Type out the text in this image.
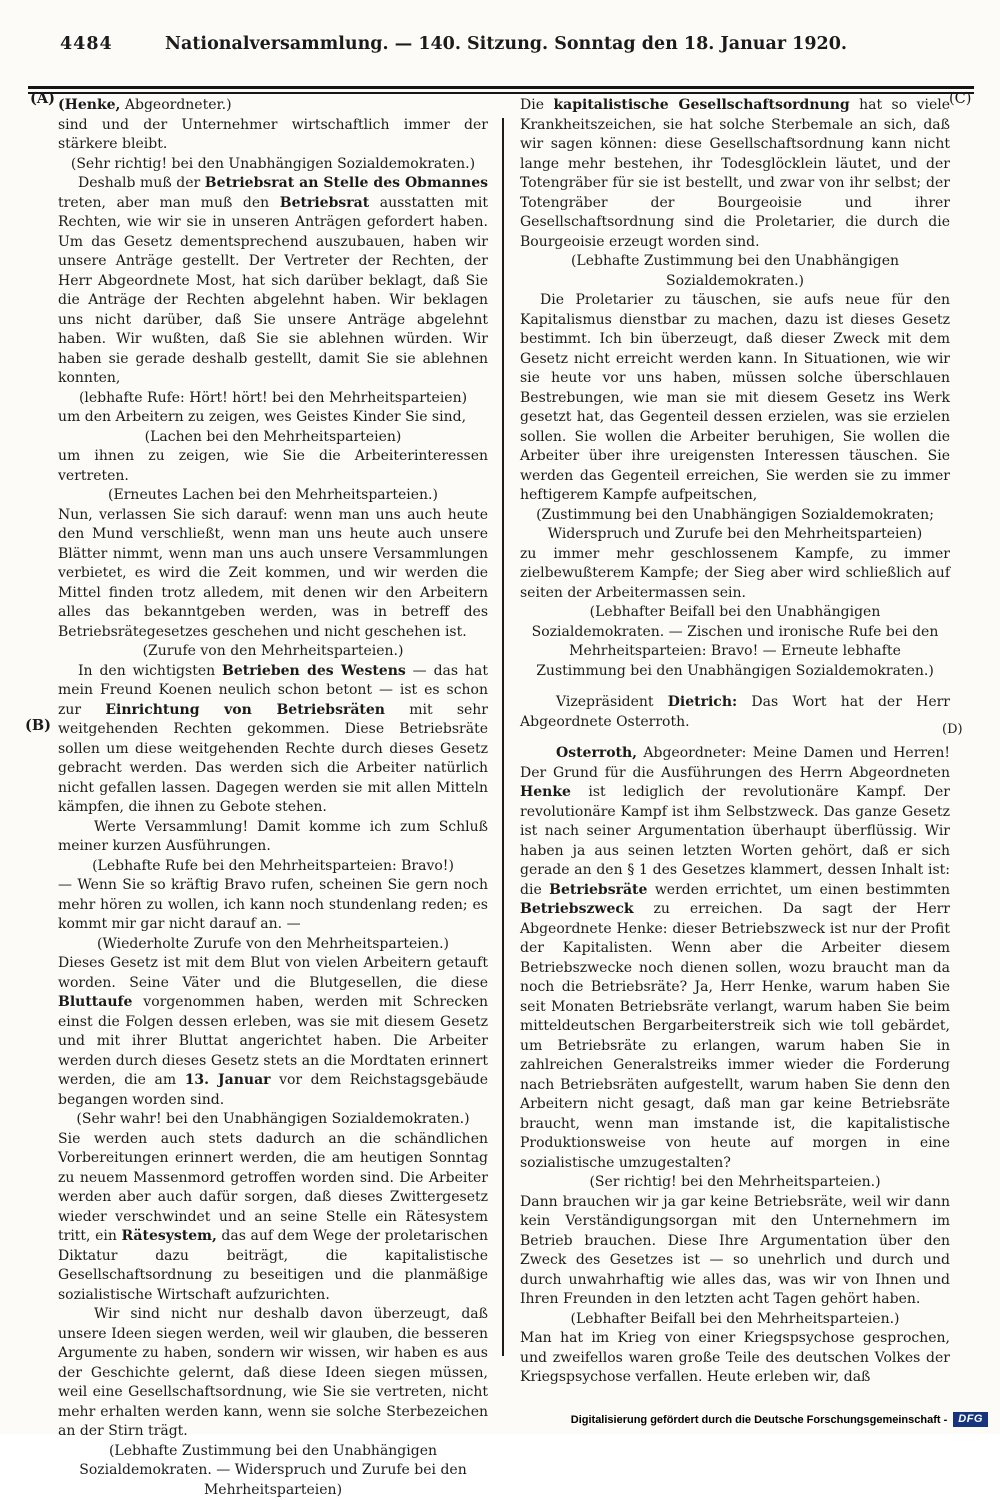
4484	Nationalversammlung. — 140. Sitzung. Sonntag den 18. Januar 1920.
(Henke, Abgeordneter.)
sind und der Unternehmer wirtschaftlich immer der stärkere bleibt.
(Sehr richtig! bei den Unabhängigen Sozialdemokraten.)
Deshalb muß der Betriebsrat an Stelle des Obmannes treten, aber man muß den Betriebsrat ausstatten mit Rechten, wie wir sie in unseren Anträgen gefordert haben. Um das Gesetz dementsprechend auszubauen, haben wir unsere Anträge gestellt. Der Vertreter der Rechten, der Herr Abgeordnete Most, hat sich darüber beklagt, daß Sie die Anträge der Rechten abgelehnt haben. Wir beklagen uns nicht darüber, daß Sie unsere Anträge abgelehnt haben. Wir wußten, daß Sie sie ablehnen würden. Wir haben sie gerade deshalb gestellt, damit Sie sie ablehnen konnten,
(lebhafte Rufe: Hört! hört! bei den Mehrheitsparteien)
um den Arbeitern zu zeigen, wes Geistes Kinder Sie sind,
(Lachen bei den Mehrheitsparteien)
um ihnen zu zeigen, wie Sie die Arbeiterinteressen vertreten.
(Erneutes Lachen bei den Mehrheitsparteien.)
Nun, verlassen Sie sich darauf: wenn man uns auch heute den Mund verschließt, wenn man uns heute auch unsere Blätter nimmt, wenn man uns auch unsere Versammlungen verbietet, es wird die Zeit kommen, und wir werden die Mittel finden trotz alledem, mit denen wir den Arbeitern alles das bekanntgeben werden, was in betreff des Betriebsrätegesetzes geschehen und nicht geschehen ist.
(Zurufe von den Mehrheitsparteien.)
In den wichtigsten Betrieben des Westens — das hat mein Freund Koenen neulich schon betont — ist es schon zur Einrichtung von Betriebsräten mit sehr weitgehenden Rechten gekommen. Diese Betriebsräte sollen um diese weitgehenden Rechte durch dieses Gesetz gebracht werden. Das werden sich die Arbeiter natürlich nicht gefallen lassen. Dagegen werden sie mit allen Mitteln kämpfen, die ihnen zu Gebote stehen.
Werte Versammlung! Damit komme ich zum Schluß meiner kurzen Ausführungen.
(Lebhafte Rufe bei den Mehrheitsparteien: Bravo!)
— Wenn Sie so kräftig Bravo rufen, scheinen Sie gern noch mehr hören zu wollen, ich kann noch stundenlang reden; es kommt mir gar nicht darauf an. —
(Wiederholte Zurufe von den Mehrheitsparteien.)
Dieses Gesetz ist mit dem Blut von vielen Arbeitern getauft worden. Seine Väter und die Blutgesellen, die diese Bluttaufe vorgenommen haben, werden mit Schrecken einst die Folgen dessen erleben, was sie mit diesem Gesetz und mit ihrer Bluttat angerichtet haben. Die Arbeiter werden durch dieses Gesetz stets an die Mordtaten erinnert werden, die am 13. Januar vor dem Reichstagsgebäude begangen worden sind.
(Sehr wahr! bei den Unabhängigen Sozialdemokraten.)
Sie werden auch stets dadurch an die schändlichen Vorbereitungen erinnert werden, die am heutigen Sonntag zu neuem Massenmord getroffen worden sind. Die Arbeiter werden aber auch dafür sorgen, daß dieses Zwittergesetz wieder verschwindet und an seine Stelle ein Rätesystem tritt, ein Rätesystem, das auf dem Wege der proletarischen Diktatur dazu beiträgt, die kapitalistische Gesellschaftsordnung zu beseitigen und die planmäßige sozialistische Wirtschaft aufzurichten.
Wir sind nicht nur deshalb davon überzeugt, daß unsere Ideen siegen werden, weil wir glauben, die besseren Argumente zu haben, sondern wir wissen, wir haben es aus der Geschichte gelernt, daß diese Ideen siegen müssen, weil eine Gesellschaftsordnung, wie Sie sie vertreten, nicht mehr erhalten werden kann, wenn sie solche Sterbezeichen an der Stirn trägt.
(Lebhafte Zustimmung bei den Unabhängigen Sozialdemokraten. — Widerspruch und Zurufe bei den Mehrheitsparteien)
Die kapitalistische Gesellschaftsordnung hat so viele Krankheitszeichen, sie hat solche Sterbemale an sich, daß wir sagen können: diese Gesellschaftsordnung kann nicht lange mehr bestehen, ihr Todesglöcklein läutet, und der Totengräber für sie ist bestellt, und zwar von ihr selbst; der Totengräber der Bourgeoisie und ihrer Gesellschaftsordnung sind die Proletarier, die durch die Bourgeoisie erzeugt worden sind.
(Lebhafte Zustimmung bei den Unabhängigen Sozialdemokraten.)
Die Proletarier zu täuschen, sie aufs neue für den Kapitalismus dienstbar zu machen, dazu ist dieses Gesetz bestimmt. Ich bin überzeugt, daß dieser Zweck mit dem Gesetz nicht erreicht werden kann. In Situationen, wie wir sie heute vor uns haben, müssen solche überschlauen Bestrebungen, wie man sie mit diesem Gesetz ins Werk gesetzt hat, das Gegenteil dessen erzielen, was sie erzielen sollen. Sie wollen die Arbeiter beruhigen, Sie wollen die Arbeiter über ihre ureigensten Interessen täuschen. Sie werden das Gegenteil erreichen, Sie werden sie zu immer heftigerem Kampfe aufpeitschen,
(Zustimmung bei den Unabhängigen Sozialdemokraten; Widerspruch und Zurufe bei den Mehrheitsparteien)
zu immer mehr geschlossenem Kampfe, zu immer zielbewußterem Kampfe; der Sieg aber wird schließlich auf seiten der Arbeitermassen sein.
(Lebhafter Beifall bei den Unabhängigen Sozialdemokraten. — Zischen und ironische Rufe bei den Mehrheitsparteien: Bravo! — Erneute lebhafte Zustimmung bei den Unabhängigen Sozialdemokraten.)
Vizepräsident Dietrich: Das Wort hat der Herr Abgeordnete Osterroth.
Osterroth, Abgeordneter: Meine Damen und Herren! Der Grund für die Ausführungen des Herrn Abgeordneten Henke ist lediglich der revolutionäre Kampf. Der revolutionäre Kampf ist ihm Selbstzweck. Das ganze Gesetz ist nach seiner Argumentation überhaupt überflüssig. Wir haben ja aus seinen letzten Worten gehört, daß er sich gerade an den § 1 des Gesetzes klammert, dessen Inhalt ist: die Betriebsräte werden errichtet, um einen bestimmten Betriebszweck zu erreichen. Da sagt der Herr Abgeordnete Henke: dieser Betriebszweck ist nur der Profit der Kapitalisten. Wenn aber die Arbeiter diesem Betriebszwecke noch dienen sollen, wozu braucht man da noch die Betriebsräte? Ja, Herr Henke, warum haben Sie seit Monaten Betriebsräte verlangt, warum haben Sie beim mitteldeutschen Bergarbeiterstreik sich wie toll gebärdet, um Betriebsräte zu erlangen, warum haben Sie in zahlreichen Generalstreiks immer wieder die Forderung nach Betriebsräten aufgestellt, warum haben Sie denn den Arbeitern nicht gesagt, daß man gar keine Betriebsräte braucht, wenn man imstande ist, die kapitalistische Produktionsweise von heute auf morgen in eine sozialistische umzugestalten?
(Ser richtig! bei den Mehrheitsparteien.)
Dann brauchen wir ja gar keine Betriebsräte, weil wir dann kein Verständigungsorgan mit den Unternehmern im Betrieb brauchen. Diese Ihre Argumentation über den Zweck des Gesetzes ist — so unehrlich und durch und durch unwahrhaftig wie alles das, was wir von Ihnen und Ihren Freunden in den letzten acht Tagen gehört haben.
(Lebhafter Beifall bei den Mehrheitsparteien.)
Man hat im Krieg von einer Kriegspsychose gesprochen, und zweifellos waren große Teile des deutschen Volkes der Kriegspsychose verfallen. Heute erleben wir, daß
Digitalisierung gefördert durch die Deutsche Forschungsgemeinschaft -	DFG
(A)
(B)
(C)
(D)
